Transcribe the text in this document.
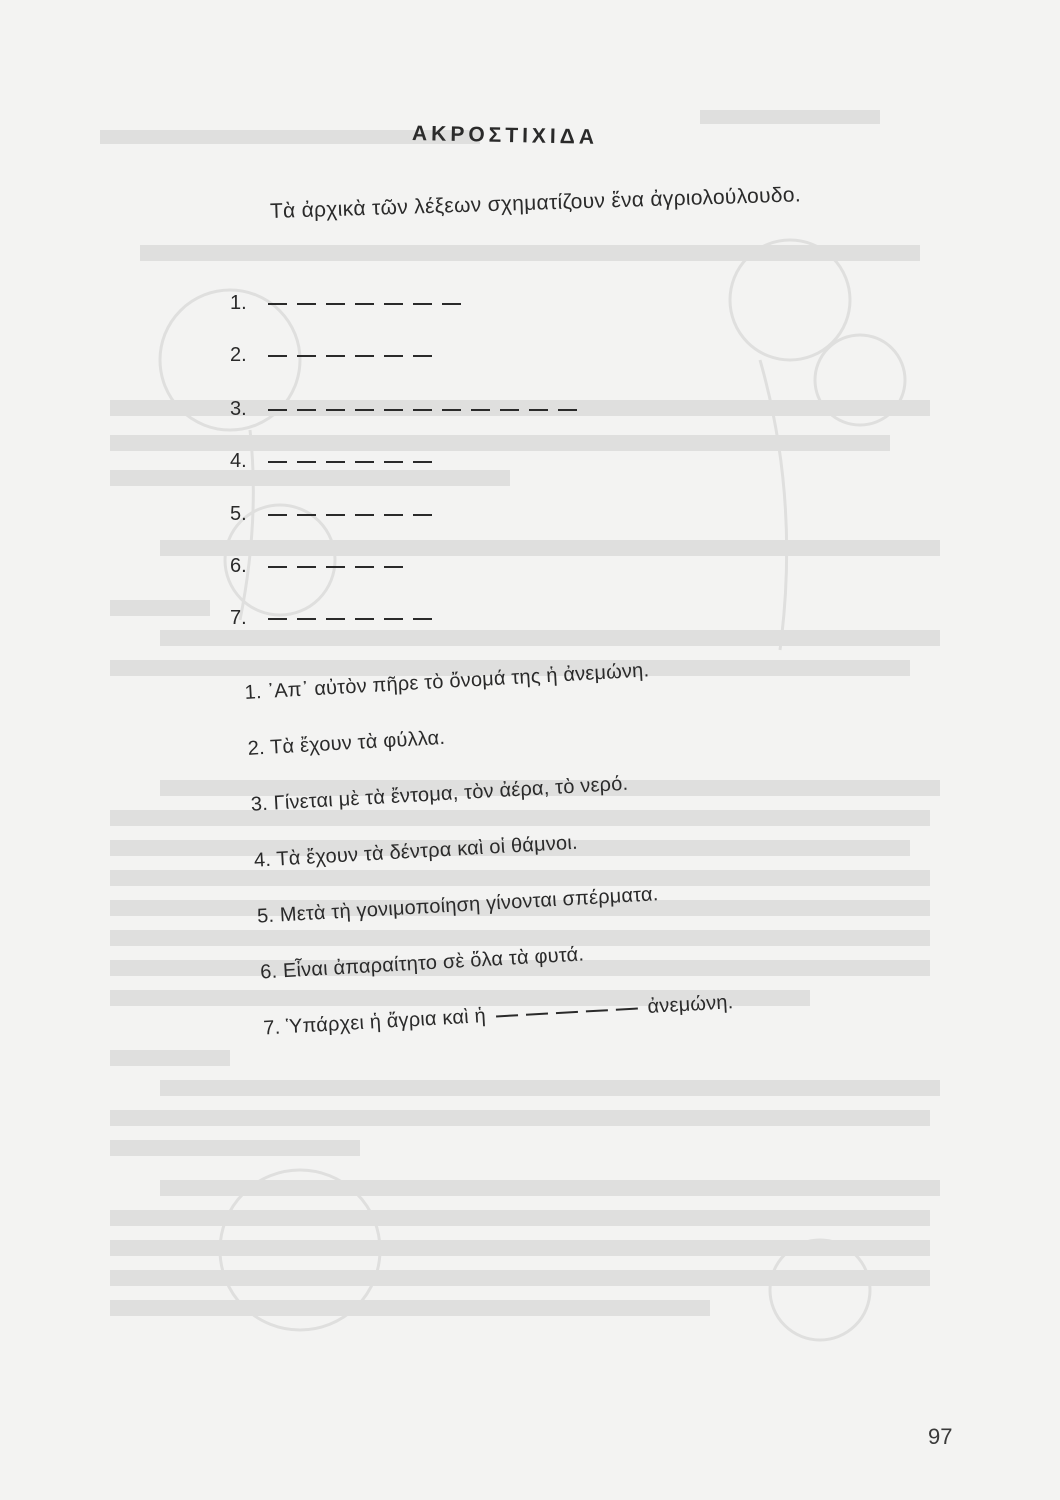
ΑΚΡΟΣΤΙΧΙΔΑ
Τὰ ἀρχικὰ τῶν λέξεων σχηματίζουν ἕνα ἀγριολούλουδο.
1.
2.
3.
4.
5.
6.
7.
1. ᾿Απ᾿ αὐτὸν πῆρε τὸ ὄνομά της ἡ ἀνεμώνη.
2. Τὰ ἔχουν τὰ φύλλα.
3. Γίνεται μὲ τὰ ἔντομα, τὸν ἀέρα, τὸ νερό.
4. Τὰ ἔχουν τὰ δέντρα καὶ οἱ θάμνοι.
5. Μετὰ τὴ γονιμοποίηση γίνονται σπέρματα.
6. Εἶναι ἀπαραίτητο σὲ ὅλα τὰ φυτά.
7. Ὑπάρχει ἡ ἄγρια καὶ ἡ
ἀνεμώνη.
97
